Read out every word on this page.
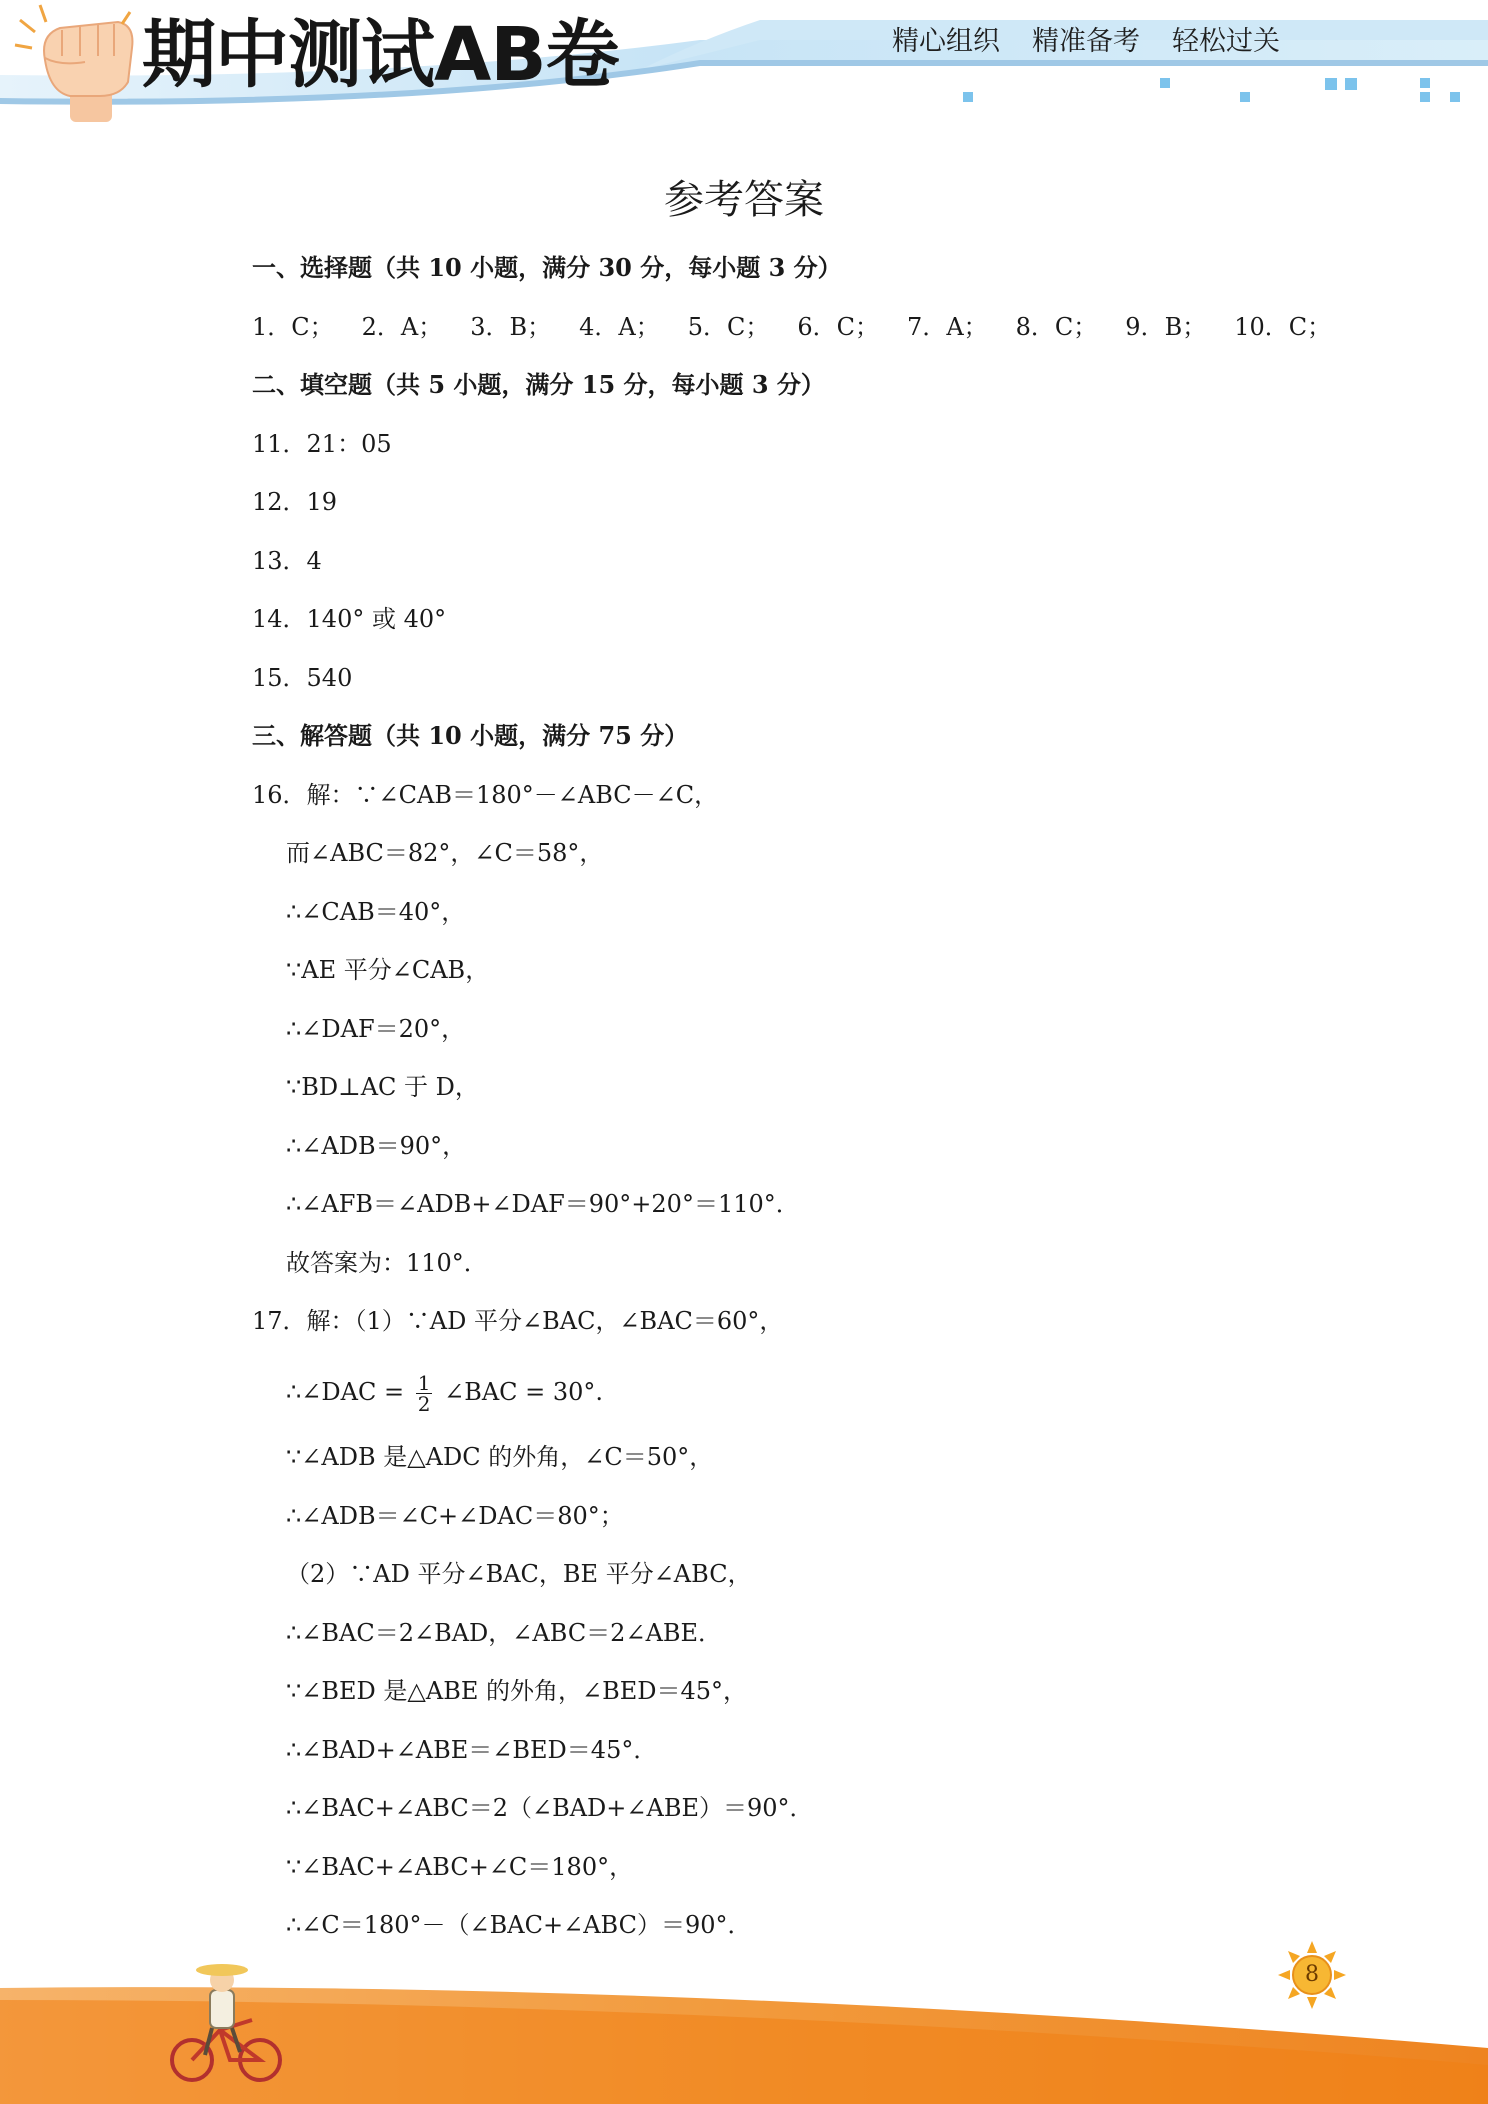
期中测试AB卷	精心组织 精准备考 轻松过关
参考答案
一、选择题（共 10 小题，满分 30 分，每小题 3 分）
1．C； 2．A； 3．B； 4．A； 5．C； 6．C； 7．A； 8．C； 9．B； 10．C；
二、填空题（共 5 小题，满分 15 分，每小题 3 分）
11．21：05
12．19
13．4
14．140° 或 40°
15．540
三、解答题（共 10 小题，满分 75 分）
16．解：∵∠CAB＝180°－∠ABC－∠C，
而∠ABC＝82°，∠C＝58°，
∴∠CAB＝40°，
∵AE 平分∠CAB，
∴∠DAF＝20°，
∵BD⊥AC 于 D，
∴∠ADB＝90°，
∴∠AFB＝∠ADB+∠DAF＝90°+20°＝110°．
故答案为：110°．
17．解：（1）∵AD 平分∠BAC，∠BAC＝60°，
∴∠DAC = $\frac{1}{2}$ ∠BAC = 30°.
∵∠ADB 是△ADC 的外角，∠C＝50°，
∴∠ADB＝∠C+∠DAC＝80°；
（2）∵AD 平分∠BAC，BE 平分∠ABC，
∴∠BAC＝2∠BAD，∠ABC＝2∠ABE．
∵∠BED 是△ABE 的外角，∠BED＝45°，
∴∠BAD+∠ABE＝∠BED＝45°．
∴∠BAC+∠ABC＝2（∠BAD+∠ABE）＝90°．
∵∠BAC+∠ABC+∠C＝180°，
∴∠C＝180°－（∠BAC+∠ABC）＝90°．
8
